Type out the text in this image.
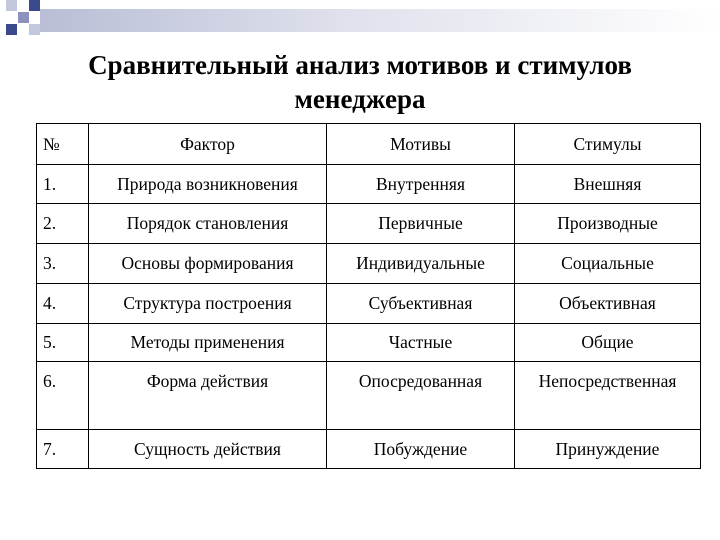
Сравнительный анализ мотивов и стимулов менеджера
№	Фактор	Мотивы	Стимулы
1.	Природа возникновения	Внутренняя	Внешняя
2.	Порядок становления	Первичные	Производные
3.	Основы формирования	Индивидуальные	Социальные
4.	Структура построения	Субъективная	Объективная
5.	Методы применения	Частные	Общие
6.	Форма действия	Опосредованная	Непосредственная
7.	Сущность действия	Побуждение	Принуждение
